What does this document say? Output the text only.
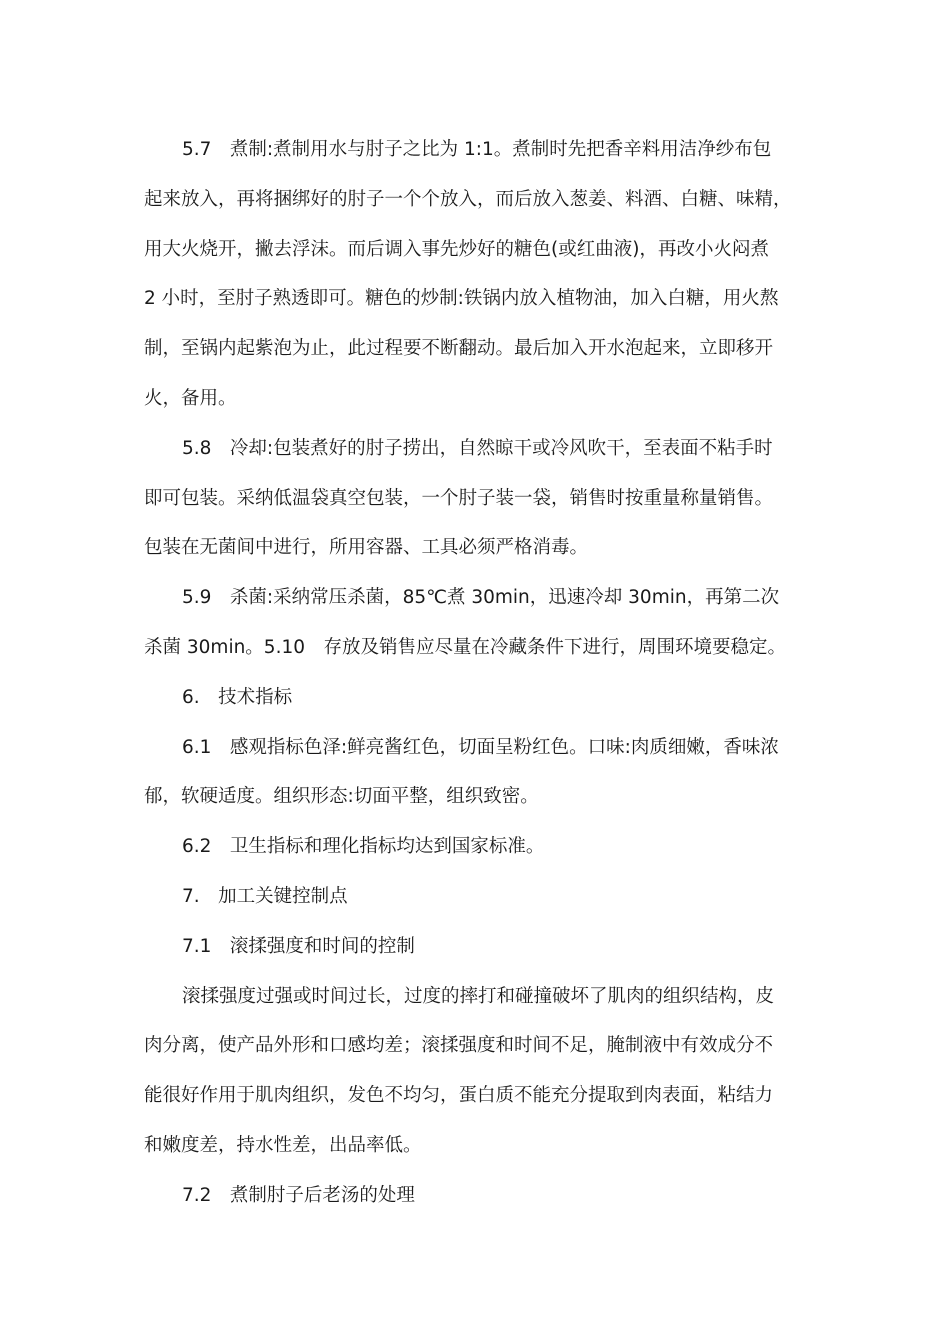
5.7　煮制:煮制用水与肘子之比为 1:1。煮制时先把香辛料用洁净纱布包
起来放入，再将捆绑好的肘子一个个放入，而后放入葱姜、料酒、白糖、味精，
用大火烧开，撇去浮沫。而后调入事先炒好的糖色(或红曲液)，再改小火闷煮
2 小时，至肘子熟透即可。糖色的炒制:铁锅内放入植物油，加入白糖，用火熬
制，至锅内起紫泡为止，此过程要不断翻动。最后加入开水泡起来，立即移开
火，备用。
5.8　冷却:包装煮好的肘子捞出，自然晾干或冷风吹干，至表面不粘手时
即可包装。采纳低温袋真空包装，一个肘子装一袋，销售时按重量称量销售。
包装在无菌间中进行，所用容器、工具必须严格消毒。
5.9　杀菌:采纳常压杀菌，85℃煮 30min，迅速冷却 30min，再第二次
杀菌 30min。5.10　存放及销售应尽量在冷藏条件下进行，周围环境要稳定。
6.　技术指标
6.1　感观指标色泽:鲜亮酱红色，切面呈粉红色。口味:肉质细嫩，香味浓
郁，软硬适度。组织形态:切面平整，组织致密。
6.2　卫生指标和理化指标均达到国家标准。
7.　加工关键控制点
7.1　滚揉强度和时间的控制
滚揉强度过强或时间过长，过度的摔打和碰撞破坏了肌肉的组织结构，皮
肉分离，使产品外形和口感均差；滚揉强度和时间不足，腌制液中有效成分不
能很好作用于肌肉组织，发色不均匀，蛋白质不能充分提取到肉表面，粘结力
和嫩度差，持水性差，出品率低。
7.2　煮制肘子后老汤的处理
